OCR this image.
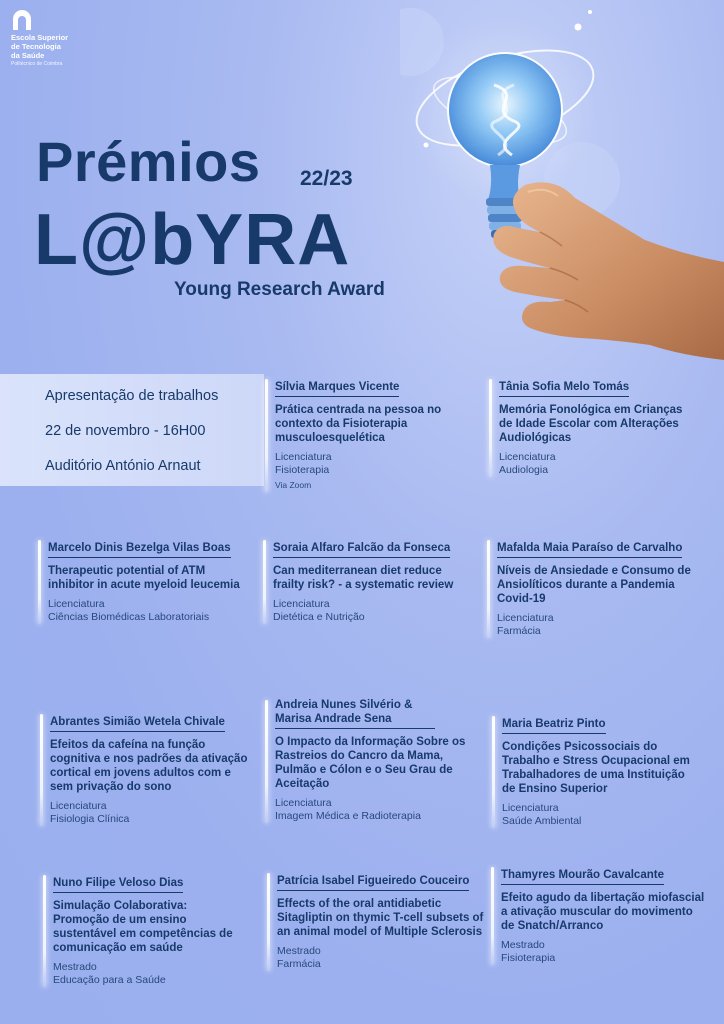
Escola Superior
de Tecnologia
da Saúde
Politécnico de Coimbra
Prémios 22/23
L@bYRA
Young Research Award
Apresentação de trabalhos
22 de novembro - 16H00
Auditório António Arnaut
Sílvia Marques Vicente
Prática centrada na pessoa no contexto da Fisioterapia musculoesquelética
Licenciatura
Fisioterapia
Via Zoom
Tânia Sofia Melo Tomás
Memória Fonológica em Crianças de Idade Escolar com Alterações Audiológicas
Licenciatura
Audiologia
Marcelo Dinis Bezelga Vilas Boas
Therapeutic potential of ATM inhibitor in acute myeloid leucemia
Licenciatura
Ciências Biomédicas Laboratoriais
Soraia Alfaro Falcão da Fonseca
Can mediterranean diet reduce frailty risk? - a systematic review
Licenciatura
Dietética e Nutrição
Mafalda Maia Paraíso de Carvalho
Níveis de Ansiedade e Consumo de Ansiolíticos durante a Pandemia Covid-19
Licenciatura
Farmácia
Abrantes Simião Wetela Chivale
Efeitos da cafeína na função cognitiva e nos padrões da ativação cortical em jovens adultos com e sem privação do sono
Licenciatura
Fisiologia Clínica
Andreia Nunes Silvério & Marisa Andrade Sena
O Impacto da Informação Sobre os Rastreios do Cancro da Mama, Pulmão e Cólon e o Seu Grau de Aceitação
Licenciatura
Imagem Médica e Radioterapia
Maria Beatriz Pinto
Condições Psicossociais do Trabalho e Stress Ocupacional em Trabalhadores de uma Instituição de Ensino Superior
Licenciatura
Saúde Ambiental
Nuno Filipe Veloso Dias
Simulação Colaborativa: Promoção de um ensino sustentável em competências de comunicação em saúde
Mestrado
Educação para a Saúde
Patrícia Isabel Figueiredo Couceiro
Effects of the oral antidiabetic Sitagliptin on thymic T-cell subsets of an animal model of Multiple Sclerosis
Mestrado
Farmácia
Thamyres Mourão Cavalcante
Efeito agudo da libertação miofascial a ativação muscular do movimento de Snatch/Arranco
Mestrado
Fisioterapia
